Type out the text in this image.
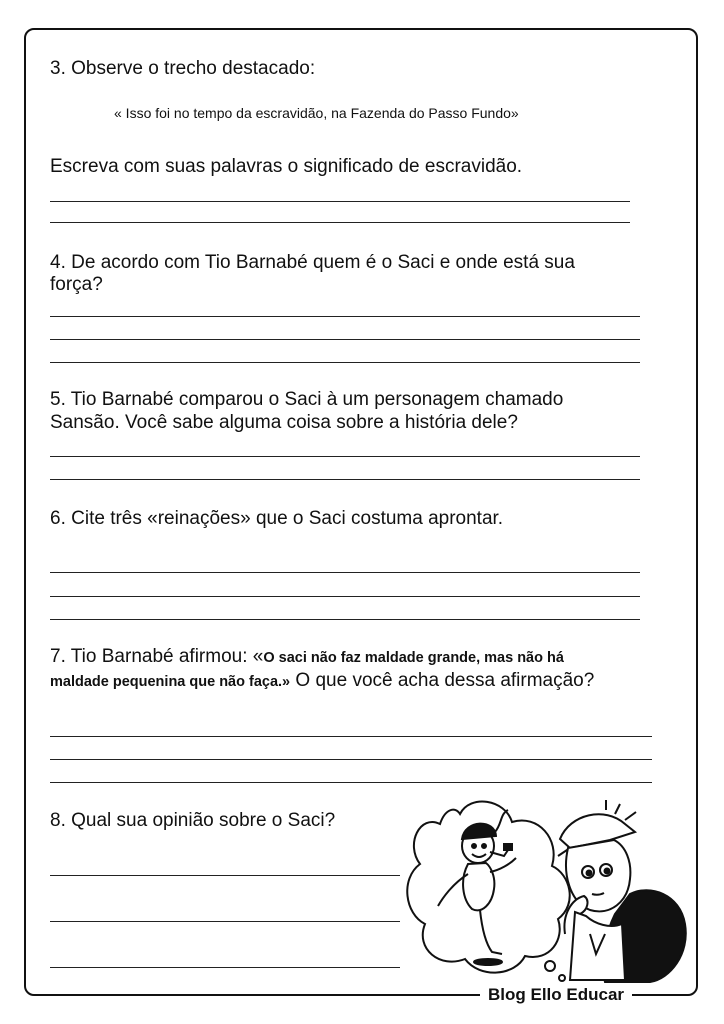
3. Observe o trecho destacado:
« Isso foi no tempo da escravidão, na Fazenda do Passo Fundo»
Escreva com suas palavras o significado de escravidão.
4. De acordo com Tio Barnabé quem é o Saci e onde está sua
força?
5. Tio Barnabé comparou o Saci à um personagem chamado
Sansão. Você sabe alguma coisa sobre a história dele?
6. Cite três «reinações» que o Saci costuma aprontar.
7. Tio Barnabé afirmou: «O saci não faz maldade grande, mas não há
maldade pequenina que não faça.» O que você acha dessa afirmação?
8. Qual sua opinião sobre o Saci?
Blog Ello Educar
